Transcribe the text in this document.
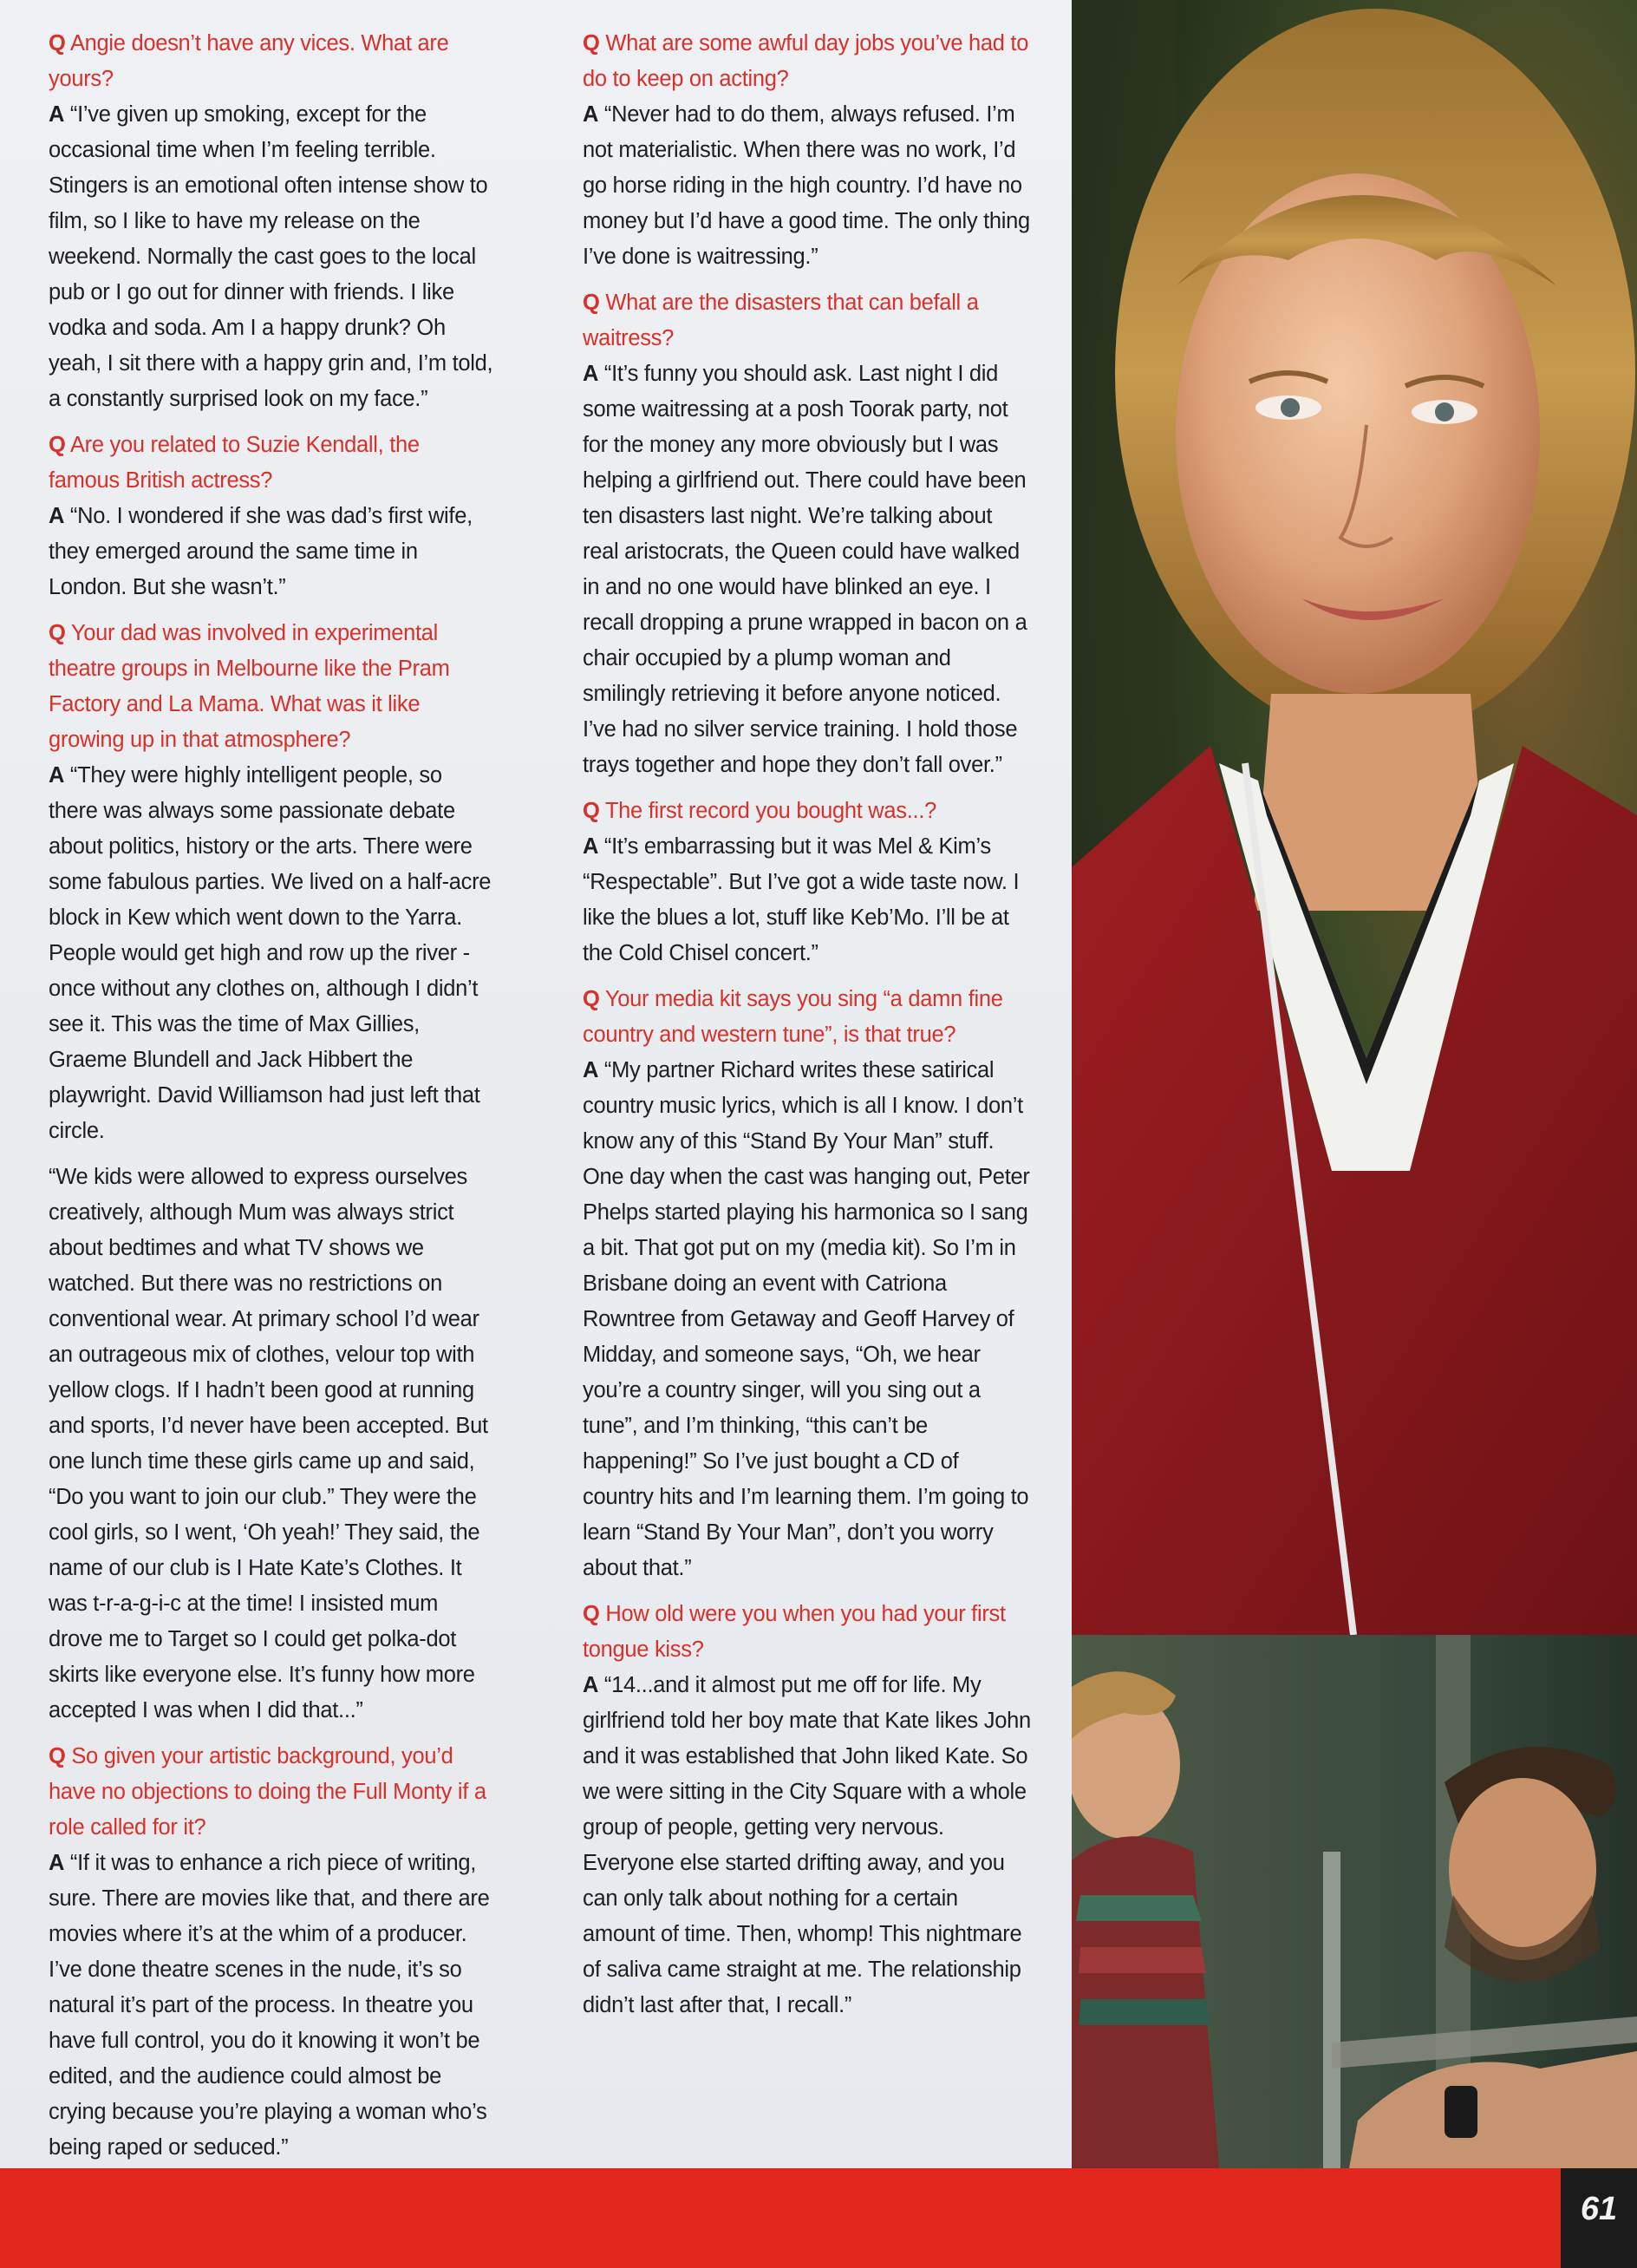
Q Angie doesn’t have any vices. What are yours?
A “I’ve given up smoking, except for the occasional time when I’m feeling terrible. Stingers is an emotional often intense show to film, so I like to have my release on the weekend. Normally the cast goes to the local pub or I go out for dinner with friends. I like vodka and soda. Am I a happy drunk? Oh yeah, I sit there with a happy grin and, I’m told, a constantly surprised look on my face.”
Q Are you related to Suzie Kendall, the famous British actress?
A “No. I wondered if she was dad’s first wife, they emerged around the same time in London. But she wasn’t.”
Q Your dad was involved in experimental theatre groups in Melbourne like the Pram Factory and La Mama. What was it like growing up in that atmosphere?
A “They were highly intelligent people, so there was always some passionate debate about politics, history or the arts. There were some fabulous parties. We lived on a half-acre block in Kew which went down to the Yarra. People would get high and row up the river - once without any clothes on, although I didn’t see it. This was the time of Max Gillies, Graeme Blundell and Jack Hibbert the playwright. David Williamson had just left that circle.
“We kids were allowed to express ourselves creatively, although Mum was always strict about bedtimes and what TV shows we watched. But there was no restrictions on conventional wear. At primary school I’d wear an outrageous mix of clothes, velour top with yellow clogs. If I hadn’t been good at running and sports, I’d never have been accepted. But one lunch time these girls came up and said, “Do you want to join our club.” They were the cool girls, so I went, ‘Oh yeah!’ They said, the name of our club is I Hate Kate’s Clothes. It was t-r-a-g-i-c at the time! I insisted mum drove me to Target so I could get polka-dot skirts like everyone else. It’s funny how more accepted I was when I did that...”
Q So given your artistic background, you’d have no objections to doing the Full Monty if a role called for it?
A “If it was to enhance a rich piece of writing, sure. There are movies like that, and there are movies where it’s at the whim of a producer. I’ve done theatre scenes in the nude, it’s so natural it’s part of the process. In theatre you have full control, you do it knowing it won’t be edited, and the audience could almost be crying because you’re playing a woman who’s being raped or seduced.”
Q What are some awful day jobs you’ve had to do to keep on acting?
A “Never had to do them, always refused. I’m not materialistic. When there was no work, I’d go horse riding in the high country. I’d have no money but I’d have a good time. The only thing I’ve done is waitressing.”
Q What are the disasters that can befall a waitress?
A “It’s funny you should ask. Last night I did some waitressing at a posh Toorak party, not for the money any more obviously but I was helping a girlfriend out. There could have been ten disasters last night. We’re talking about real aristocrats, the Queen could have walked in and no one would have blinked an eye. I recall dropping a prune wrapped in bacon on a chair occupied by a plump woman and smilingly retrieving it before anyone noticed. I’ve had no silver service training. I hold those trays together and hope they don’t fall over.”
Q The first record you bought was...?
A “It’s embarrassing but it was Mel & Kim’s “Respectable”. But I’ve got a wide taste now. I like the blues a lot, stuff like Keb’Mo. I’ll be at the Cold Chisel concert.”
Q Your media kit says you sing “a damn fine country and western tune”, is that true?
A “My partner Richard writes these satirical country music lyrics, which is all I know. I don’t know any of this “Stand By Your Man” stuff. One day when the cast was hanging out, Peter Phelps started playing his harmonica so I sang a bit. That got put on my (media kit). So I’m in Brisbane doing an event with Catriona Rowntree from Getaway and Geoff Harvey of Midday, and someone says, “Oh, we hear you’re a country singer, will you sing out a tune”, and I’m thinking, “this can’t be happening!” So I’ve just bought a CD of country hits and I’m learning them. I’m going to learn “Stand By Your Man”, don’t you worry about that.”
Q How old were you when you had your first tongue kiss?
A “14...and it almost put me off for life. My girlfriend told her boy mate that Kate likes John and it was established that John liked Kate. So we were sitting in the City Square with a whole group of people, getting very nervous. Everyone else started drifting away, and you can only talk about nothing for a certain amount of time. Then, whomp! This nightmare of saliva came straight at me. The relationship didn’t last after that, I recall.”
61
